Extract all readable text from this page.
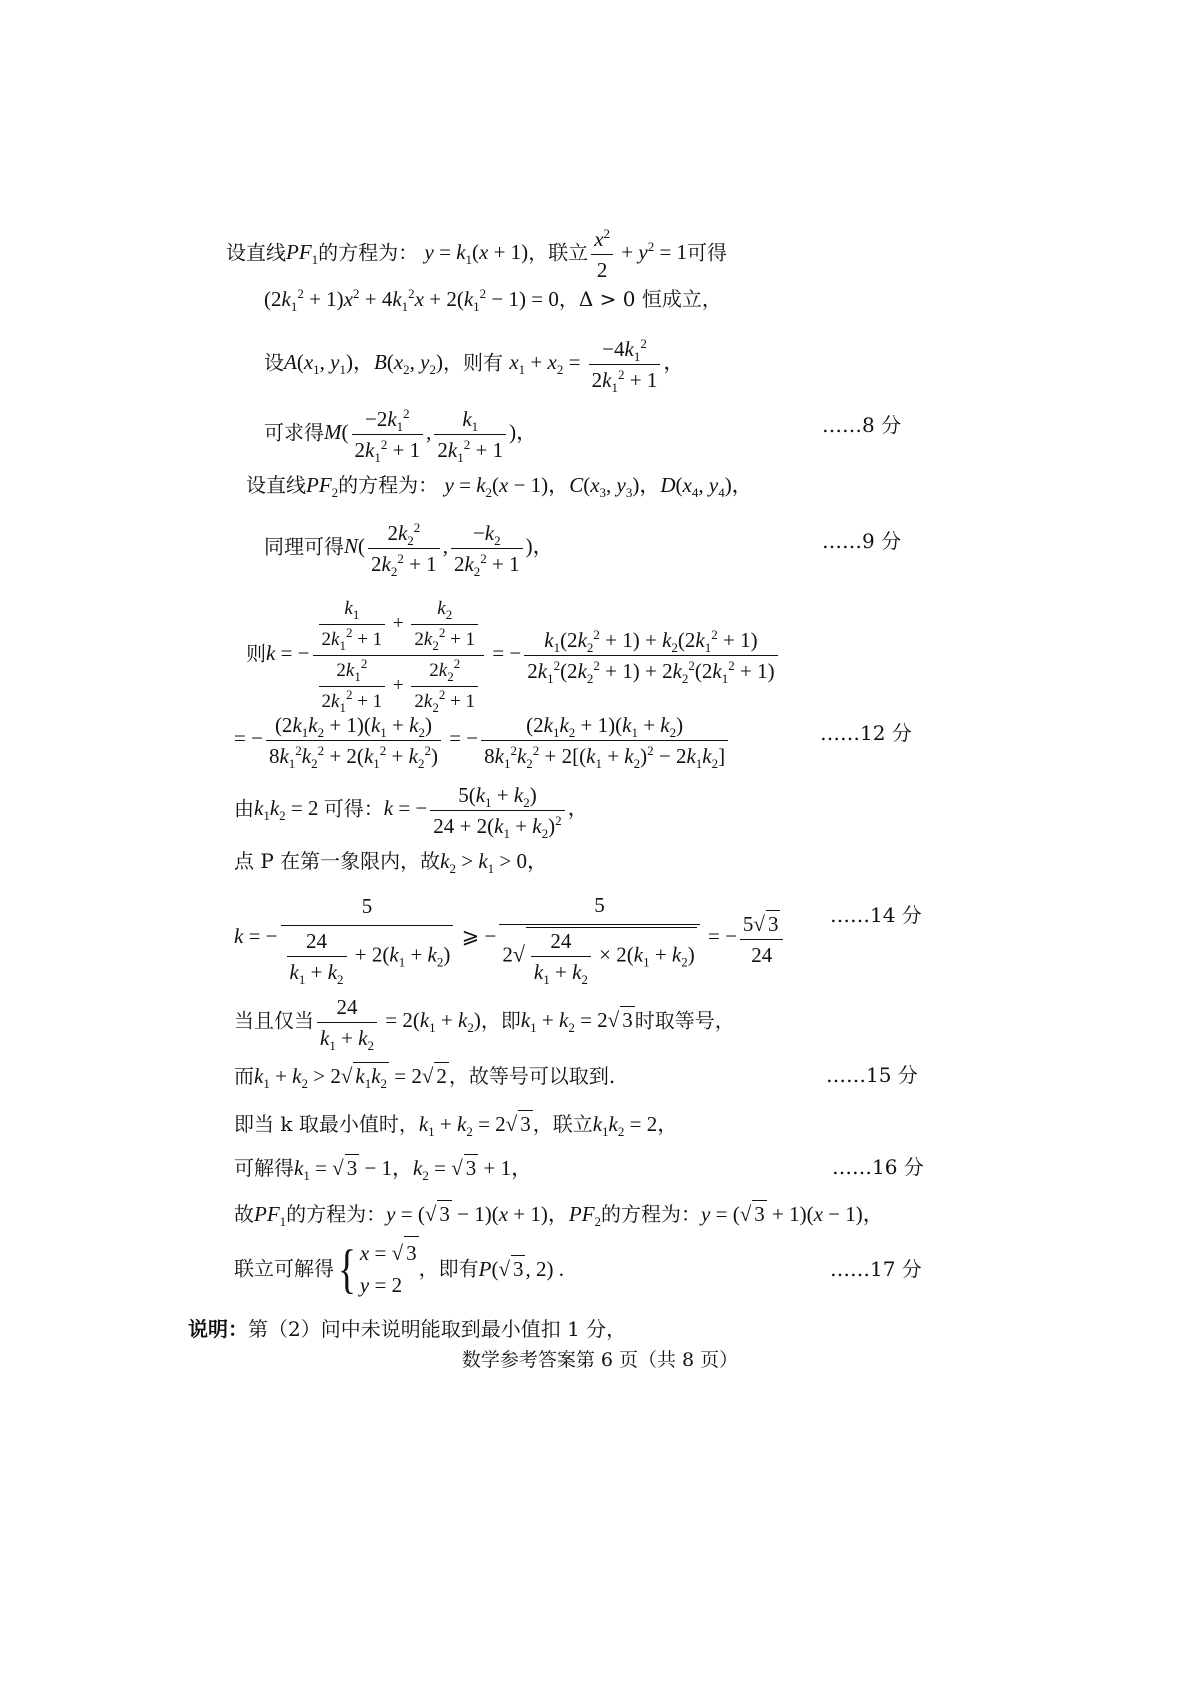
设直线$PF_1$的方程为： $y = k_1(x + 1)$，联立 $\frac{x^2}{2} + y^2 = 1$可得
$(2k_1^2 + 1)x^2 + 4k_1^2x + 2(k_1^2 - 1) = 0$，Δ > 0 恒成立，
设$A(x_1$, $y_1$)，$B(x_2$, $y_2$)，则有 $x_1 + x_2 = \frac{-4k_1^2}{2k_1^2 + 1}$ ，
可求得$M( \frac{-2k_1^2}{2k_1^2 + 1}$ , $\frac{k_1}{2k_1^2 + 1}$ )，	……8 分
设直线$PF_2$的方程为： $y = k_2(x - 1)$，$C(x_3$, $y_3$)，$D(x_4$, $y_4$)，
同理可得$N( \frac{2k_2^2}{2k_2^2 + 1}$ , $\frac{-k_2}{2k_2^2 + 1}$ )，	……9 分
则k = − $\frac{\frac{k_1}{2k_1^2 + 1} + \frac{k_2}{2k_2^2 + 1}}{\frac{2k_1^2}{2k_1^2 + 1} + \frac{2k_2^2}{2k_2^2 + 1}}$ = − $\frac{k_1(2k_2^2 + 1) + k_2(2k_1^2 + 1)}{2k_1^2(2k_2^2 + 1) + 2k_2^2(2k_1^2 + 1)}$
= − $\frac{(2k_1k_2 + 1)(k_1 + k_2)}{8k_1^2k_2^2 + 2(k_1^2 + k_2^2)}$ = − $\frac{(2k_1k_2 + 1)(k_1 + k_2)}{8k_1^2k_2^2 + 2[(k_1 + k_2)^2 - 2k_1k_2]}$	……12 分
由$k_1k_2 = 2$ 可得：k = − $\frac{5(k_1 + k_2)}{24 + 2(k_1 + k_2)^2}$ ，
点 P 在第一象限内，故$k_2 > k_1 > 0$，
k = − $\frac{5}{\frac{24}{k_1 + k_2} + 2(k_1 + k_2)}$ ⩾ − $\frac{5}{2√ \frac{24}{k_1 + k_2} \times 2(k_1 + k_2)}$ = − $\frac{5√ 3}{24}$ ……14 分
当且仅当 $\frac{24}{k_1 + k_2} = 2(k_1 + k_2)$，即$k_1 + k_2 = 2√$ 3 时取等号，
而$k_1 + k_2 > 2√$ $k_1k_2 = 2√$ 2 ，故等号可以取到.	……15 分
即当 k 取最小值时，$k_1 + k_2 = 2√$ 3 ，联立$k_1k_2 = 2$，
可解得$k_1$ = √ 3 − 1，$k_2$ = √ 3 + 1，	……16 分
故$PF_1$的方程为：y = (√ 3 − 1)(x + 1)，$PF_2$的方程为：y = (√ 3 + 1)(x − 1)，
联立可解得{ x = √ 3
y = 2
，即有P(√ 3, 2) .	……17 分
说明：第（2）问中未说明能取到最小值扣 1 分，
数学参考答案第 6 页（共 8 页）
